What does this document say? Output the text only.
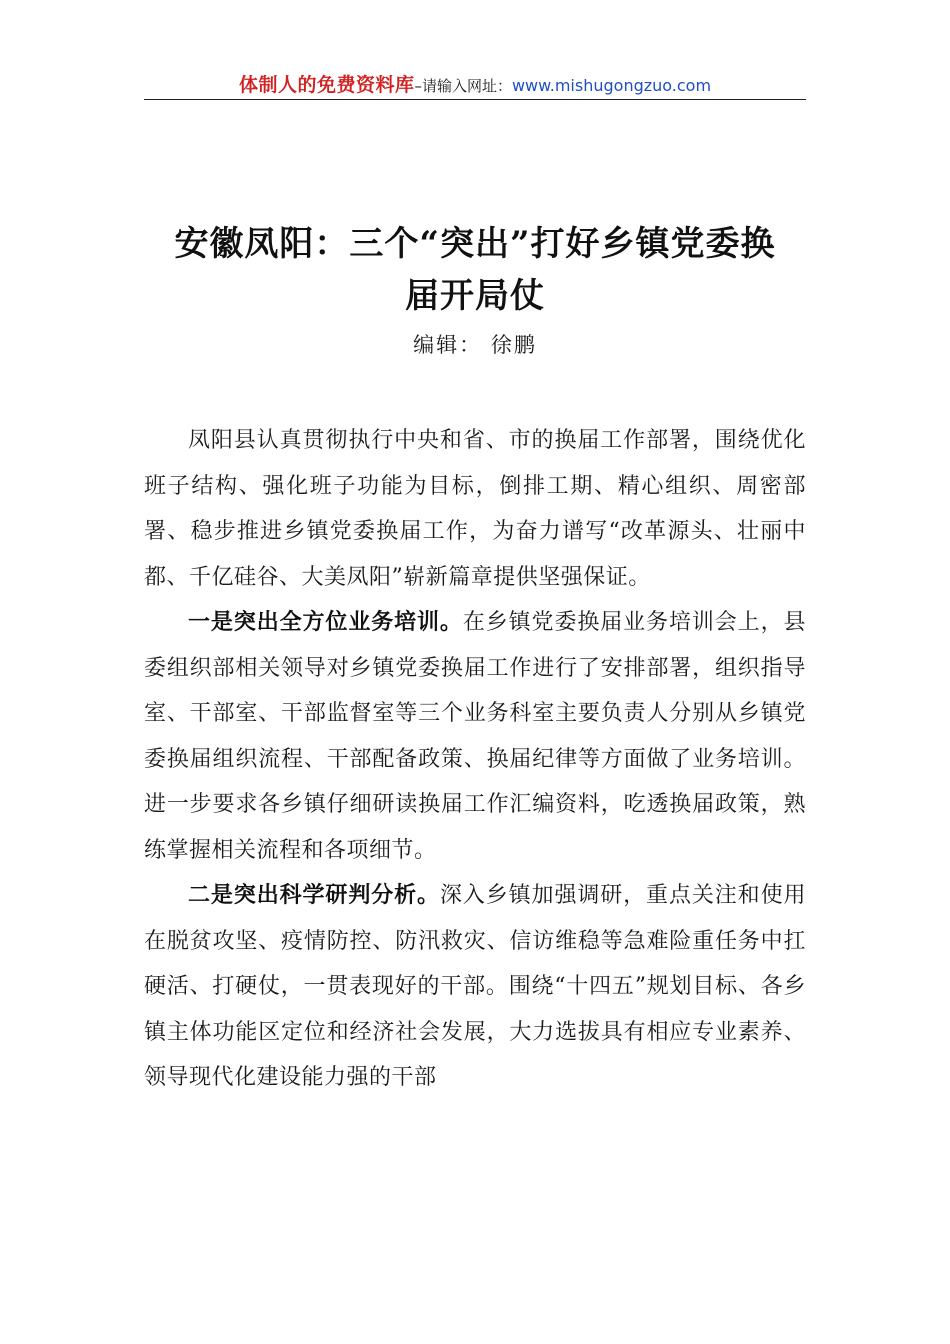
体制人的免费资料库–请输入网址：www.mishugongzuo.com
安徽凤阳：三个“突出”打好乡镇党委换
届开局仗
编辑： 徐鹏

凤阳县认真贯彻执行中央和省、市的换届工作部署，围绕优化班子结构、强化班子功能为目标，倒排工期、精心组织、周密部署、稳步推进乡镇党委换届工作，为奋力谱写“改革源头、壮丽中都、千亿硅谷、大美凤阳”崭新篇章提供坚强保证。

一是突出全方位业务培训。在乡镇党委换届业务培训会上，县委组织部相关领导对乡镇党委换届工作进行了安排部署，组织指导室、干部室、干部监督室等三个业务科室主要负责人分别从乡镇党委换届组织流程、干部配备政策、换届纪律等方面做了业务培训。进一步要求各乡镇仔细研读换届工作汇编资料，吃透换届政策，熟练掌握相关流程和各项细节。

二是突出科学研判分析。深入乡镇加强调研，重点关注和使用在脱贫攻坚、疫情防控、防汛救灾、信访维稳等急难险重任务中扛硬活、打硬仗，一贯表现好的干部。围绕“十四五”规划目标、各乡镇主体功能区定位和经济社会发展，大力选拔具有相应专业素养、领导现代化建设能力强的干部
